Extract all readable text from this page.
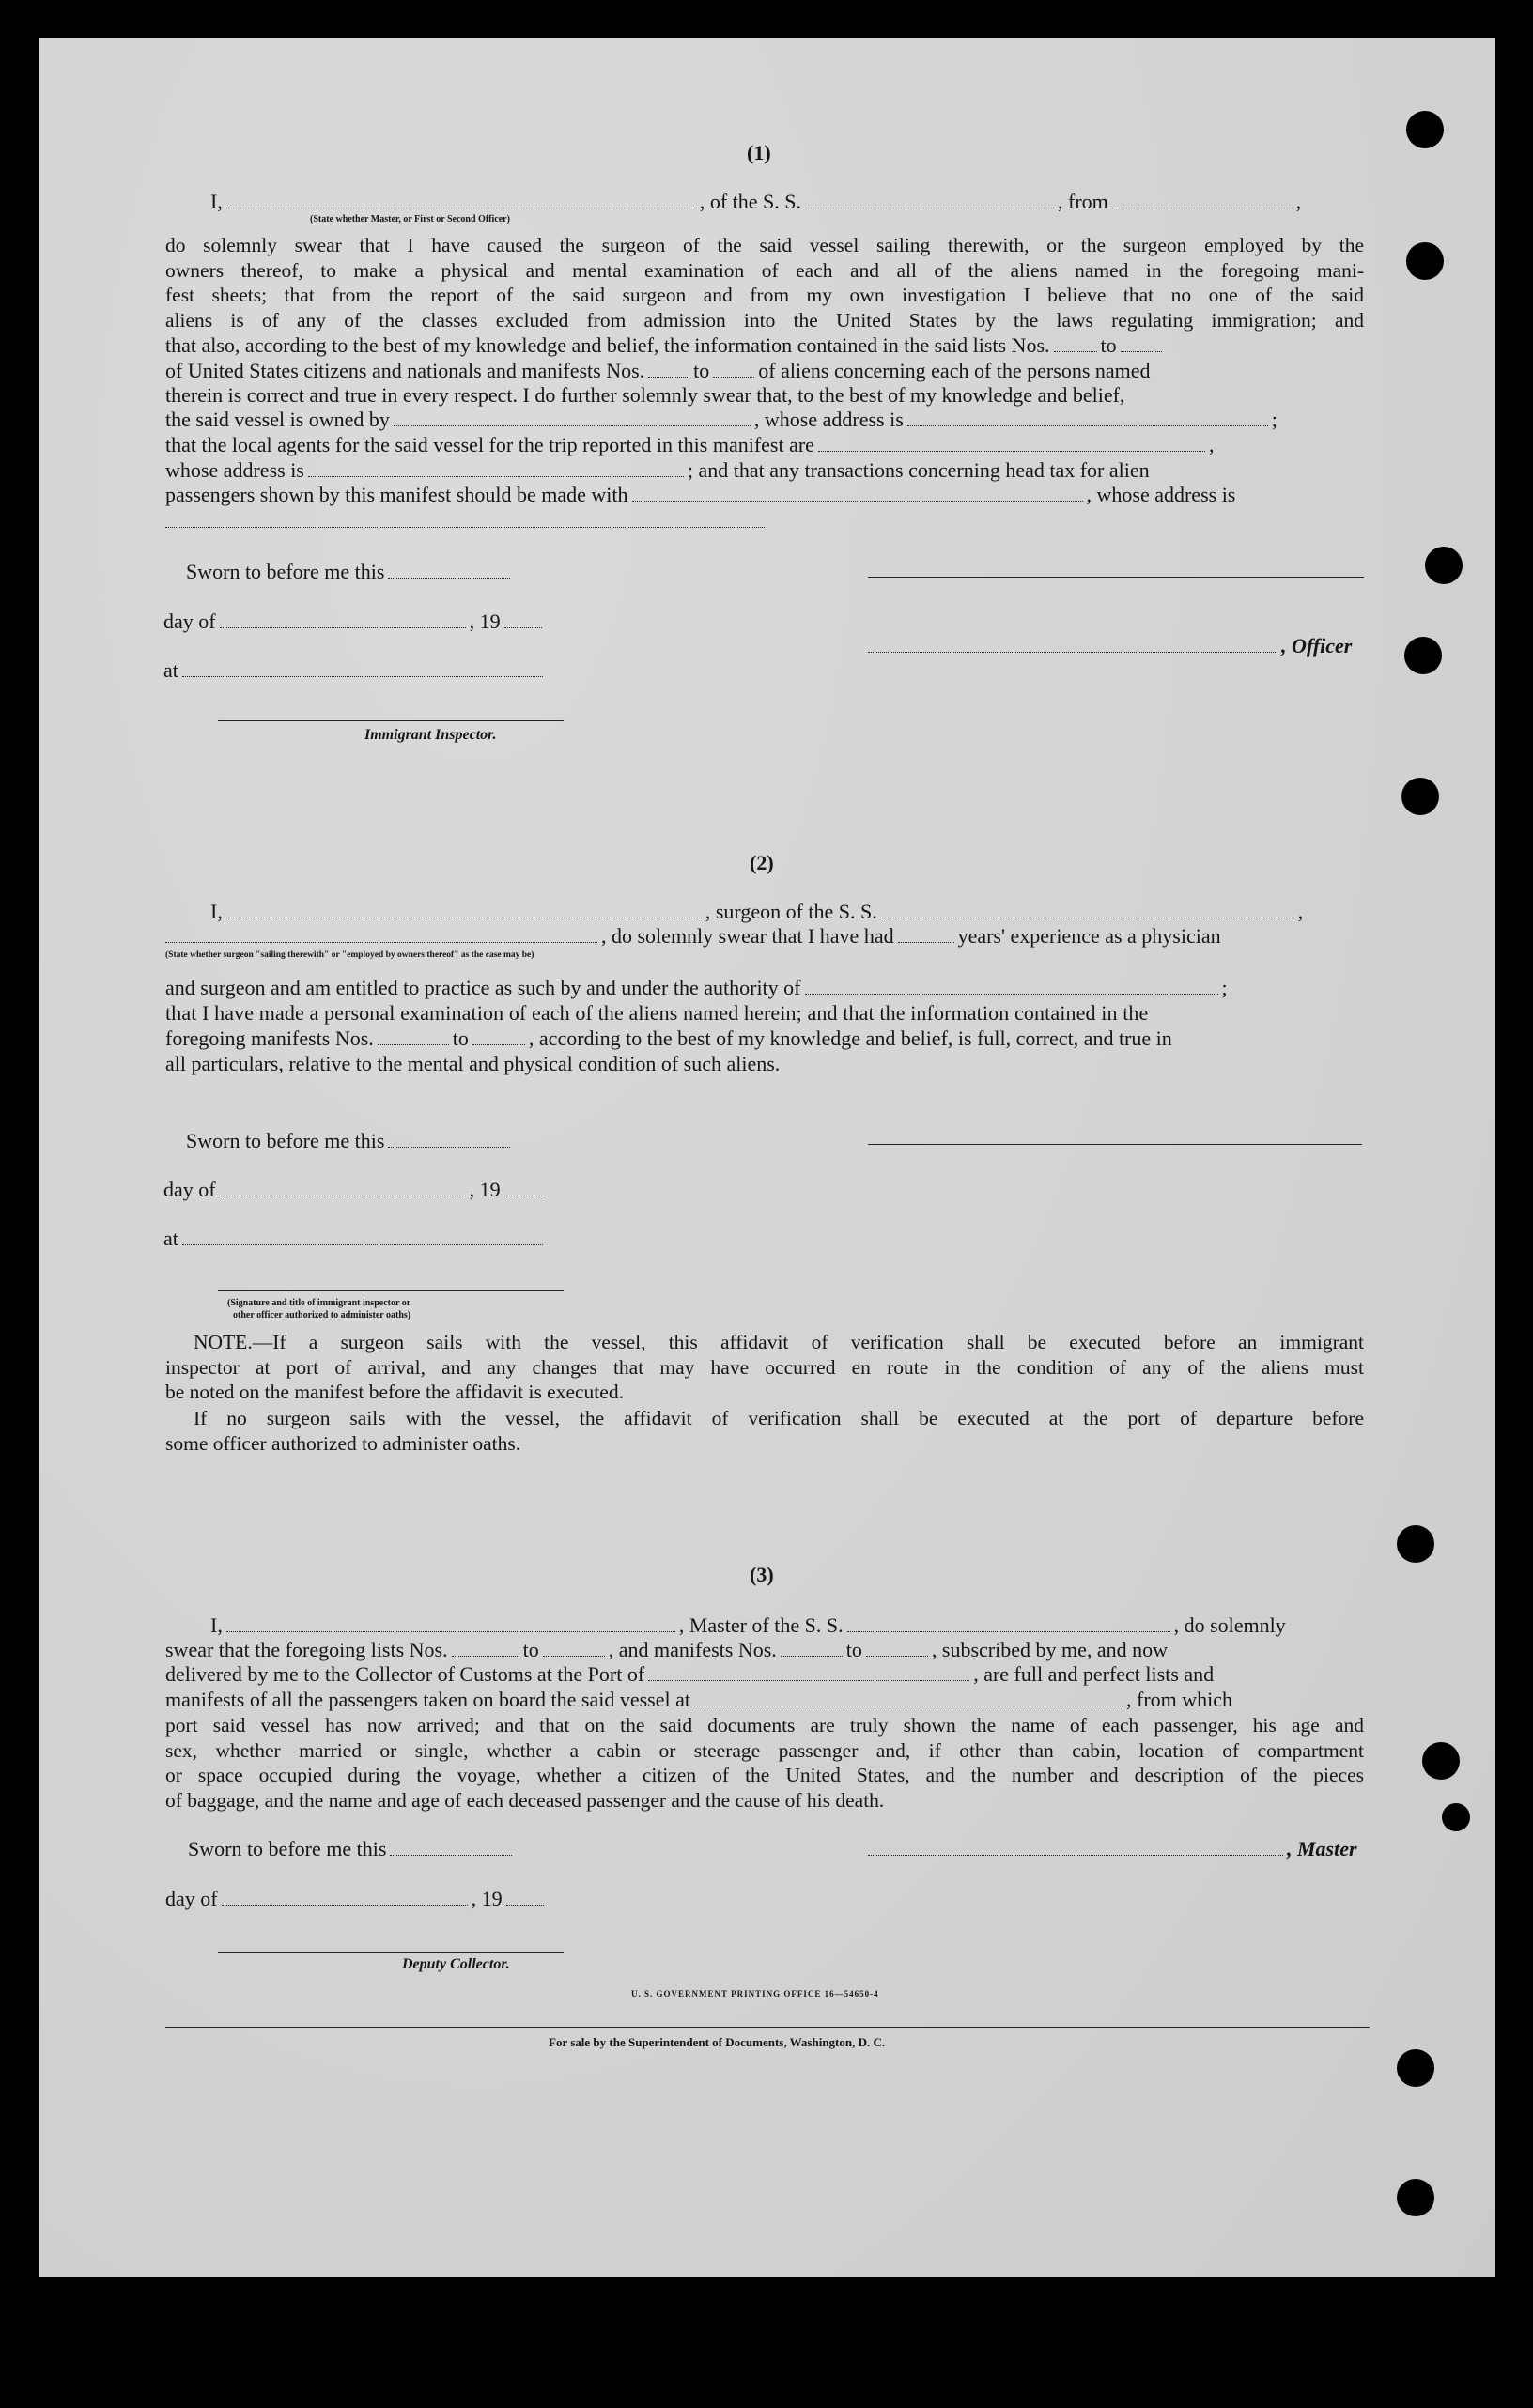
(1)
I,	, of the S. S.	, from	,
(State whether Master, or First or Second Officer)
do solemnly swear that I have caused the surgeon of the said vessel sailing therewith, or the surgeon employed by the
owners thereof, to make a physical and mental examination of each and all of the aliens named in the foregoing mani-
fest sheets; that from the report of the said surgeon and from my own investigation I believe that no one of the said
aliens is of any of the classes excluded from admission into the United States by the laws regulating immigration; and
that also, according to the best of my knowledge and belief, the information contained in the said lists Nos. to
of United States citizens and nationals and manifests Nos. to of aliens concerning each of the persons named
therein is correct and true in every respect. I do further solemnly swear that, to the best of my knowledge and belief,
the said vessel is owned by	, whose address is	;
that the local agents for the said vessel for the trip reported in this manifest are	,
whose address is	; and that any transactions concerning head tax for alien
passengers shown by this manifest should be made with	, whose address is
Sworn to before me this
day of	, 19
, Officer
at
Immigrant Inspector.
(2)
I,	, surgeon of the S. S.	,
, do solemnly swear that I have had	years' experience as a physician
(State whether surgeon "sailing therewith" or "employed by owners thereof" as the case may be)
and surgeon and am entitled to practice as such by and under the authority of	;
that I have made a personal examination of each of the aliens named herein; and that the information contained in the
foregoing manifests Nos.	to	, according to the best of my knowledge and belief, is full, correct, and true in
all particulars, relative to the mental and physical condition of such aliens.
Sworn to before me this
day of	, 19
at
(Signature and title of immigrant inspector or
other officer authorized to administer oaths)
NOTE.—If a surgeon sails with the vessel, this affidavit of verification shall be executed before an immigrant
inspector at port of arrival, and any changes that may have occurred en route in the condition of any of the aliens must
be noted on the manifest before the affidavit is executed.
If no surgeon sails with the vessel, the affidavit of verification shall be executed at the port of departure before
some officer authorized to administer oaths.
(3)
I,	, Master of the S. S.	, do solemnly
swear that the foregoing lists Nos.	to	, and manifests Nos.	to	, subscribed by me, and now
delivered by me to the Collector of Customs at the Port of	, are full and perfect lists and
manifests of all the passengers taken on board the said vessel at	, from which
port said vessel has now arrived; and that on the said documents are truly shown the name of each passenger, his age and
sex, whether married or single, whether a cabin or steerage passenger and, if other than cabin, location of compartment
or space occupied during the voyage, whether a citizen of the United States, and the number and description of the pieces
of baggage, and the name and age of each deceased passenger and the cause of his death.
Sworn to before me this	, Master
day of	, 19
Deputy Collector.
U. S. GOVERNMENT PRINTING OFFICE 16—54650-4
For sale by the Superintendent of Documents, Washington, D. C.
